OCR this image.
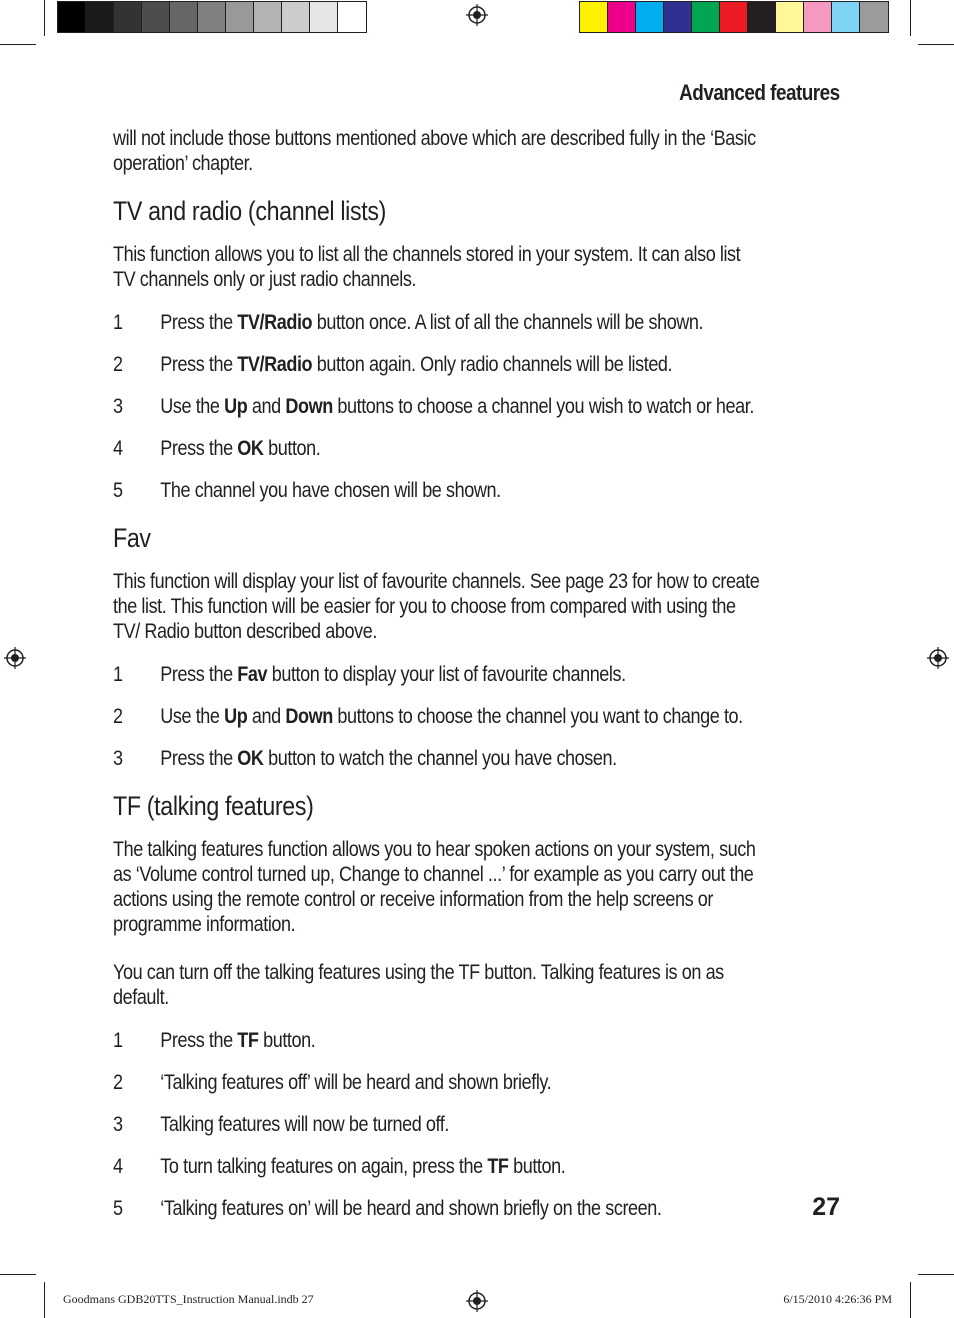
Advanced features

will not include those buttons mentioned above which are described fully in the ‘Basic operation’ chapter.

TV and radio (channel lists)

This function allows you to list all the channels stored in your system. It can also list TV channels only or just radio channels.

1	Press the TV/Radio button once. A list of all the channels will be shown.
2	Press the TV/Radio button again. Only radio channels will be listed.
3	Use the Up and Down buttons to choose a channel you wish to watch or hear.
4	Press the OK button.
5	The channel you have chosen will be shown.
Fav

This function will display your list of favourite channels. See page 23 for how to create the list. This function will be easier for you to choose from compared with using the TV/ Radio button described above.

1	Press the Fav button to display your list of favourite channels.
2	Use the Up and Down buttons to choose the channel you want to change to.
3	Press the OK button to watch the channel you have chosen.
TF (talking features)

The talking features function allows you to hear spoken actions on your system, such as ‘Volume control turned up, Change to channel ...’ for example as you carry out the actions using the remote control or receive information from the help screens or programme information.

You can turn off the talking features using the TF button. Talking features is on as default.

1	Press the TF button.
2	‘Talking features off’ will be heard and shown briefly.
3	Talking features will now be turned off.
4	To turn talking features on again, press the TF button.
5	‘Talking features on’ will be heard and shown briefly on the screen.	27
Goodmans GDB20TTS_Instruction Manual.indb 27	6/15/2010 4:26:36 PM
